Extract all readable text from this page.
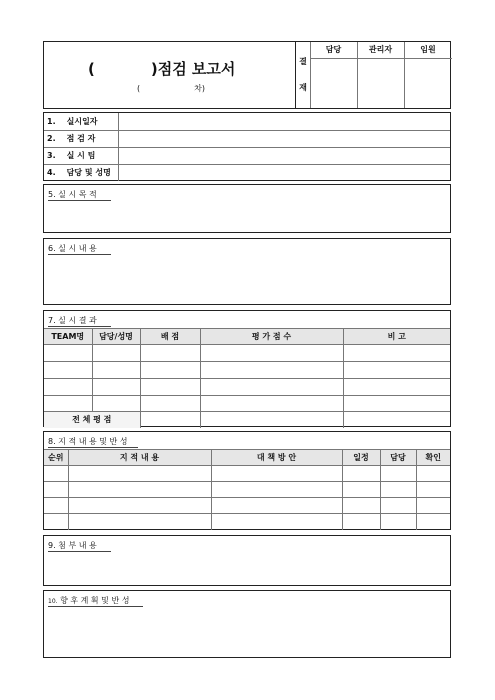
(	)점검 보고서
(	차)
결
재
담당	관리자	임원
1. 실시일자	
2. 점 검 자	
3. 실 시 팀	
4. 담당 및 성명	
5. 실 시 목 적
6. 실 시 내 용
7. 실 시 결 과
TEAM명	담당/성명	배 점	평 가 점 수	비 고

전 체 평 점				
8. 지 적 내 용 및 반 성
순위	지 적 내 용	대 책 방 안	일정	담당	확인

9. 첨 부 내 용
10. 향 후 계 획 및 반 성
